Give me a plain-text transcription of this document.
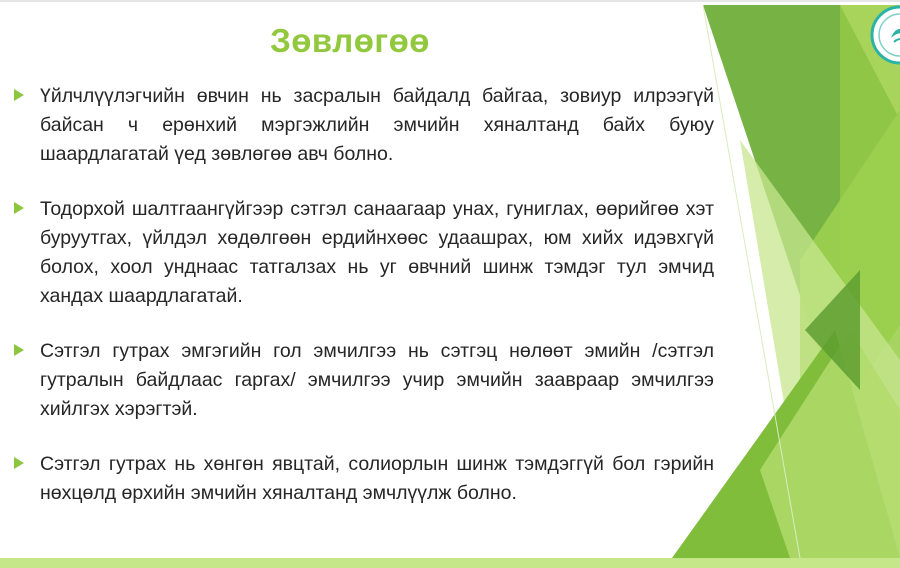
Зөвлөгөө
Үйлчлүүлэгчийн өвчин нь засралын байдалд байгаа, зовиур илрээгүй байсан ч ерөнхий мэргэжлийн эмчийн хяналтанд байх буюу шаардлагатай үед зөвлөгөө авч болно.
Тодорхой шалтгаангүйгээр сэтгэл санаагаар унах, гуниглах, өөрийгөө хэт буруутгах, үйлдэл хөдөлгөөн ердийнхөөс удаашрах, юм хийх идэвхгүй болох, хоол унднаас татгалзах нь уг өвчний шинж тэмдэг тул эмчид хандах шаардлагатай.
Сэтгэл гутрах эмгэгийн гол эмчилгээ нь сэтгэц нөлөөт эмийн /сэтгэл гутралын байдлаас гаргах/ эмчилгээ учир эмчийн заавраар эмчилгээ хийлгэх хэрэгтэй.
Сэтгэл гутрах нь хөнгөн явцтай, солиорлын шинж тэмдэггүй бол гэрийн нөхцөлд өрхийн эмчийн хяналтанд эмчлүүлж болно.
